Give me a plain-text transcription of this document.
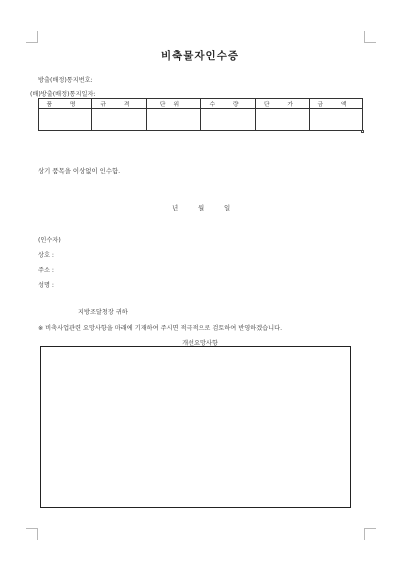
비축물자인수증
방출(배정)통지번호:
(배)방출(배정)통지일자:
품 명	규 격	단위	수 량	단 가	금 액

상기 품목을 이상없이 인수함.
년	월	일
(인수자)
상호 :
주소 :
성명 :
지방조달청장 귀하
※ 비축사업관련 요망사항을 마래에 기재하여 주시면 적극적으로 검토하여 반영하겠습니다.
개선요망사항
